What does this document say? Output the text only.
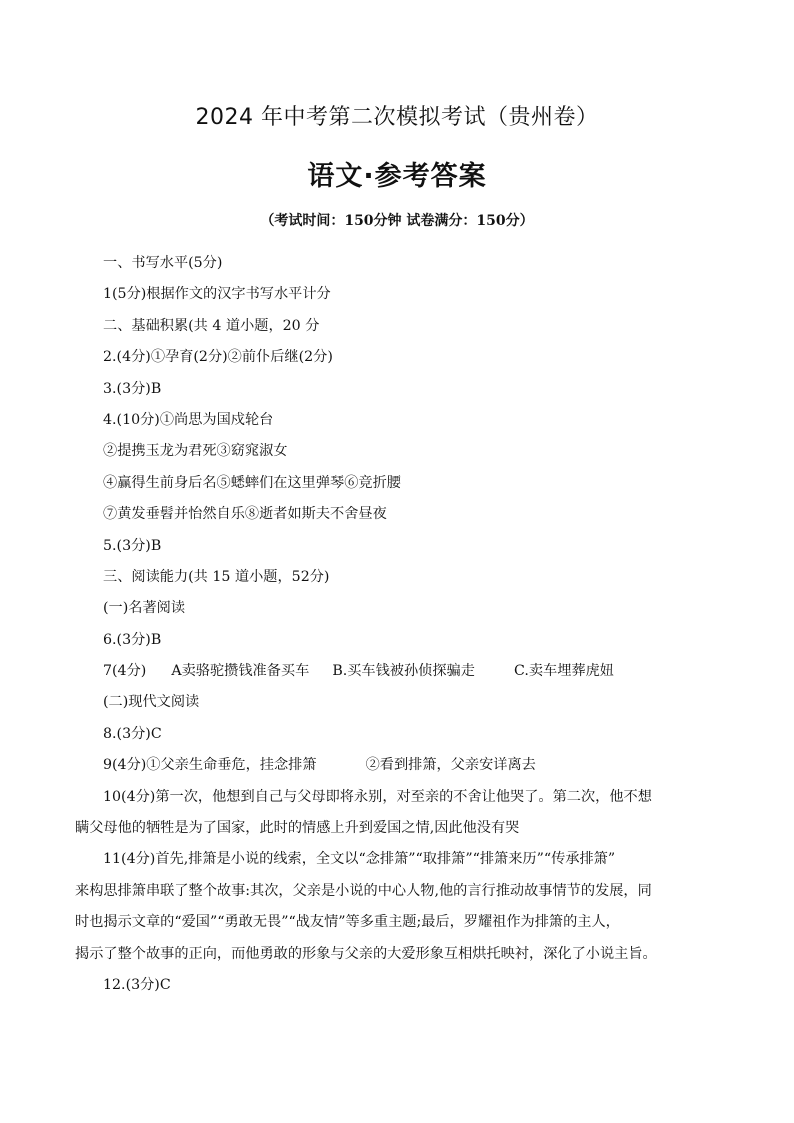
2024 年中考第二次模拟考试（贵州卷）
语文·参考答案
（考试时间：150分钟 试卷满分：150分）
一、书写水平(5分)
1(5分)根据作文的汉字书写水平计分
二、基础积累(共 4 道小题，20 分
2.(4分)①孕育(2分)②前仆后继(2分)
3.(3分)B
4.(10分)①尚思为国戍轮台
②提携玉龙为君死③窈窕淑女
④赢得生前身后名⑤蟋蟀们在这里弹琴⑥竞折腰
⑦黄发垂髫并怡然自乐⑧逝者如斯夫不舍昼夜
5.(3分)B
三、阅读能力(共 15 道小题，52分)
(一)名著阅读
6.(3分)B
7(4分) A卖骆驼攒钱准备买车 B.买车钱被孙侦探骗走	C.卖车埋葬虎妞
(二)现代文阅读
8.(3分)C
9(4分)①父亲生命垂危，挂念排箫	②看到排箫，父亲安详离去
10(4分)第一次，他想到自己与父母即将永别，对至亲的不舍让他哭了。第二次，他不想
瞒父母他的牺牲是为了国家，此时的情感上升到爱国之情,因此他没有哭
11(4分)首先,排箫是小说的线索，全文以“念排箫”“取排箫”“排箫来历”“传承排箫”
来构思排箫串联了整个故事:其次，父亲是小说的中心人物,他的言行推动故事情节的发展，同
时也揭示文章的“爱国”“勇敢无畏”“战友情”等多重主题;最后，罗耀祖作为排箫的主人，
揭示了整个故事的正向，而他勇敢的形象与父亲的大爱形象互相烘托映衬，深化了小说主旨。
12.(3分)C
